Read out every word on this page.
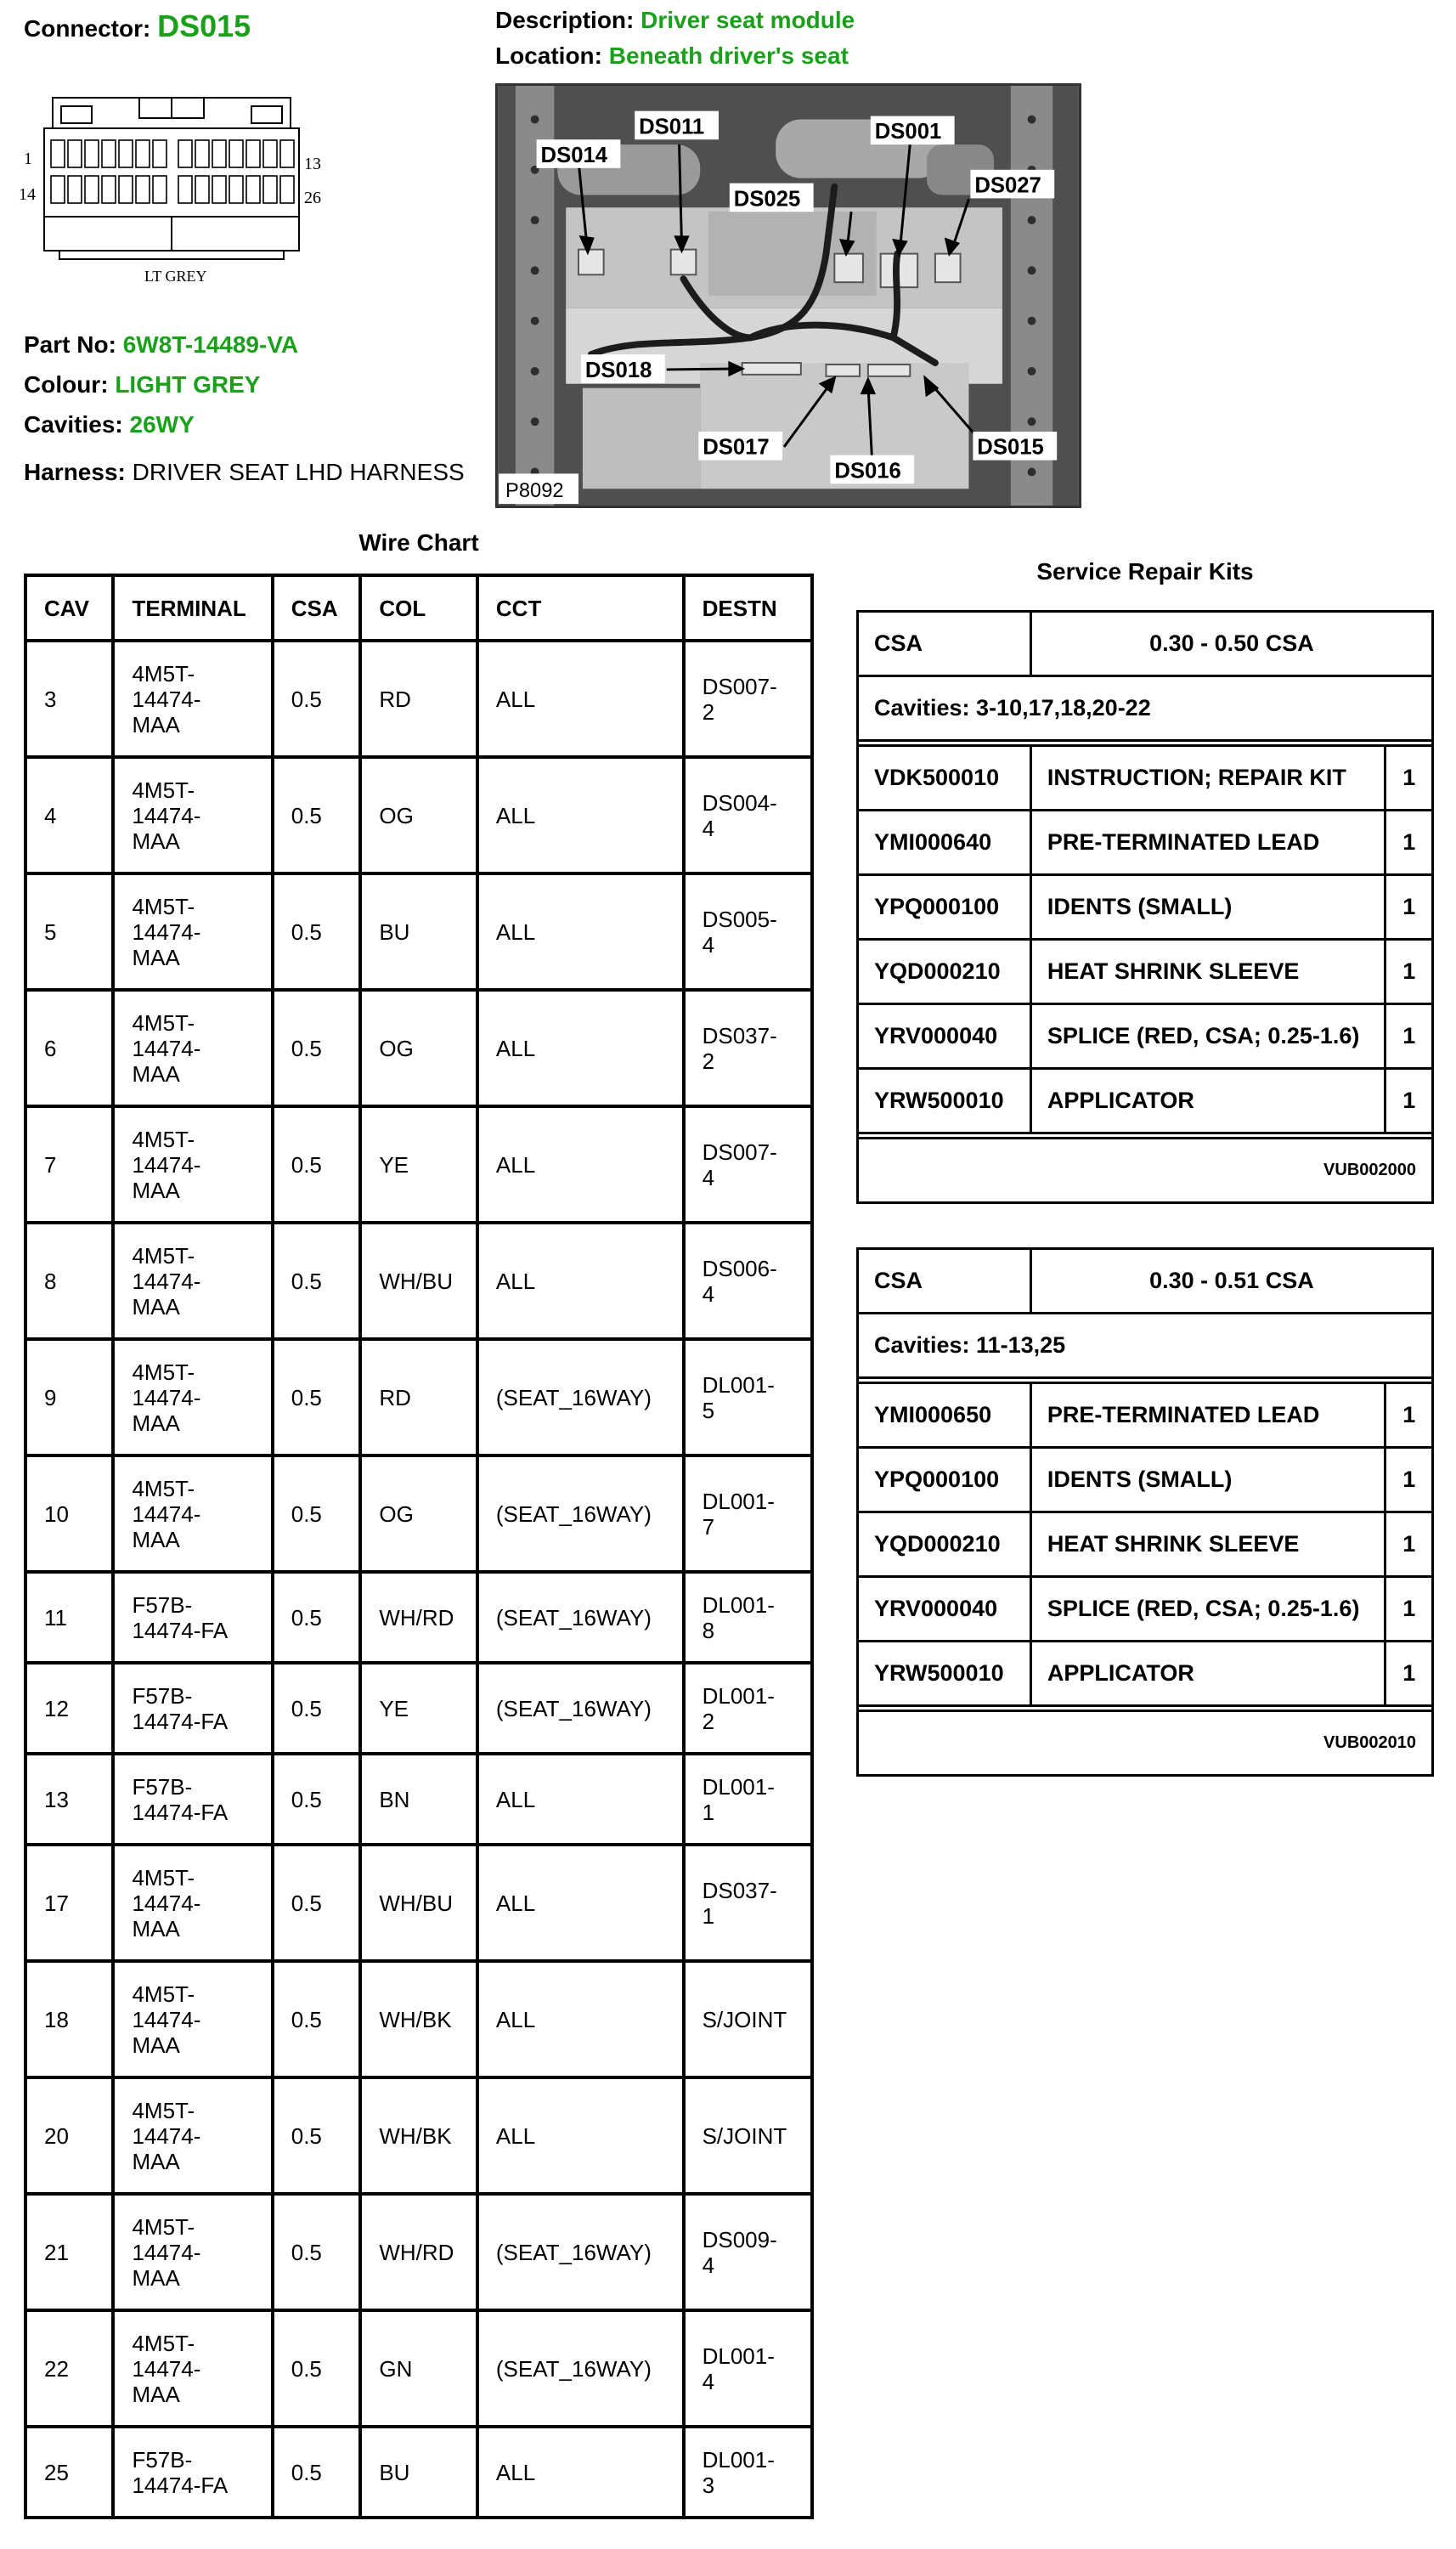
Connector: DS015	Description: Driver seat module
Location: Beneath driver's seat
1	13
14	26
LT GREY
DS014
DS011	DS001
DS025
DS027
DS018
DS017
DS016
DS015
P8092
Part No: 6W8T-14489-VA
Colour: LIGHT GREY
Cavities: 26WY
Harness: DRIVER SEAT LHD HARNESS
Wire Chart
CAV	TERMINAL	CSA	COL	CCT	DESTN
3	4M5T-
14474-
MAA	0.5	RD	ALL	DS007-
2
4	4M5T-
14474-
MAA	0.5	OG	ALL	DS004-
4
5	4M5T-
14474-
MAA	0.5	BU	ALL	DS005-
4
6	4M5T-
14474-
MAA	0.5	OG	ALL	DS037-
2
7	4M5T-
14474-
MAA	0.5	YE	ALL	DS007-
4
8	4M5T-
14474-
MAA	0.5	WH/BU	ALL	DS006-
4
9	4M5T-
14474-
MAA	0.5	RD	(SEAT_16WAY)	DL001-
5
10	4M5T-
14474-
MAA	0.5	OG	(SEAT_16WAY)	DL001-
7
11	F57B-
14474-FA	0.5	WH/RD	(SEAT_16WAY)	DL001-
8
12	F57B-
14474-FA	0.5	YE	(SEAT_16WAY)	DL001-
2
13	F57B-
14474-FA	0.5	BN	ALL	DL001-
1
17	4M5T-
14474-
MAA	0.5	WH/BU	ALL	DS037-
1
18	4M5T-
14474-
MAA	0.5	WH/BK	ALL	S/JOINT
20	4M5T-
14474-
MAA	0.5	WH/BK	ALL	S/JOINT
21	4M5T-
14474-
MAA	0.5	WH/RD	(SEAT_16WAY)	DS009-
4
22	4M5T-
14474-
MAA	0.5	GN	(SEAT_16WAY)	DL001-
4
25	F57B-
14474-FA	0.5	BU	ALL	DL001-
3
Service Repair Kits
CSA	0.30 - 0.50 CSA	
Cavities: 3-10,17,18,20-22		

VDK500010	INSTRUCTION; REPAIR KIT	1
YMI000640	PRE-TERMINATED LEAD	1
YPQ000100	IDENTS (SMALL)	1
YQD000210	HEAT SHRINK SLEEVE	1
YRV000040	SPLICE (RED, CSA; 0.25-1.6)	1
YRW500010	APPLICATOR	1

VUB002000		
CSA	0.30 - 0.51 CSA	
Cavities: 11-13,25		

YMI000650	PRE-TERMINATED LEAD	1
YPQ000100	IDENTS (SMALL)	1
YQD000210	HEAT SHRINK SLEEVE	1
YRV000040	SPLICE (RED, CSA; 0.25-1.6)	1
YRW500010	APPLICATOR	1

VUB002010		
